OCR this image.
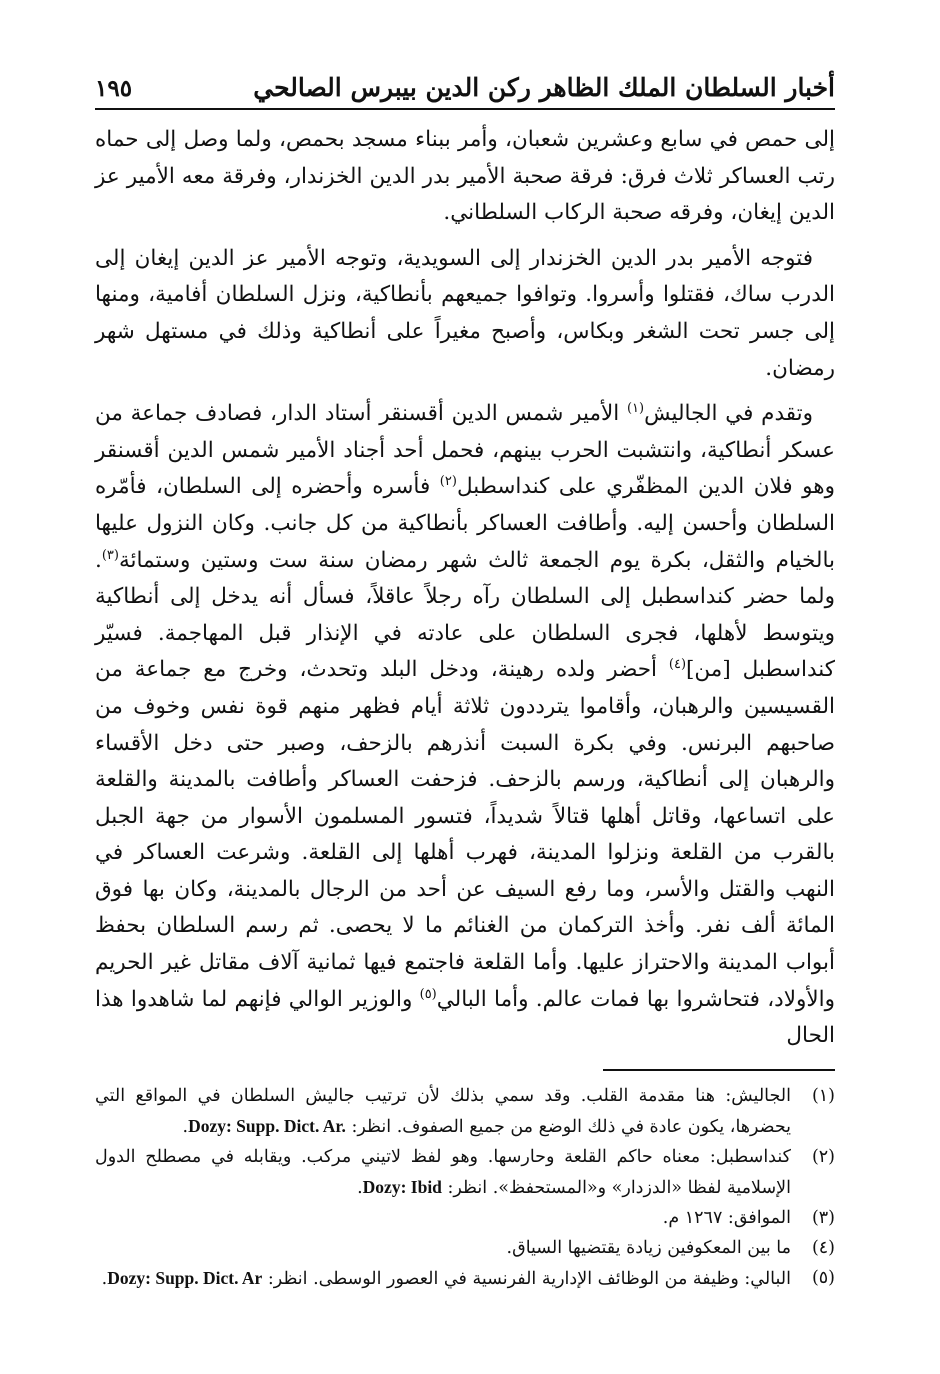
أخبار السلطان الملك الظاهر ركن الدين بيبرس الصالحي
١٩٥

إلى حمص في سابع وعشرين شعبان، وأمر ببناء مسجد بحمص، ولما وصل إلى حماه رتب العساكر ثلاث فرق: فرقة صحبة الأمير بدر الدين الخزندار، وفرقة معه الأمير عز الدين إيغان، وفرقه صحبة الركاب السلطاني.

فتوجه الأمير بدر الدين الخزندار إلى السويدية، وتوجه الأمير عز الدين إيغان إلى الدرب ساك، فقتلوا وأسروا. وتوافوا جميعهم بأنطاكية، ونزل السلطان أفامية، ومنها إلى جسر تحت الشغر وبكاس، وأصبح مغيراً على أنطاكية وذلك في مستهل شهر رمضان.

وتقدم في الجاليش$^{(١)}$ الأمير شمس الدين أقسنقر أستاد الدار، فصادف جماعة من عسكر أنطاكية، وانتشبت الحرب بينهم، فحمل أحد أجناد الأمير شمس الدين أقسنقر وهو فلان الدين المظفّري على كنداسطبل$^{(٢)}$ فأسره وأحضره إلى السلطان، فأمّره السلطان وأحسن إليه. وأطافت العساكر بأنطاكية من كل جانب. وكان النزول عليها بالخيام والثقل، بكرة يوم الجمعة ثالث شهر رمضان سنة ست وستين وستمائة$^{(٣)}$. ولما حضر كنداسطبل إلى السلطان رآه رجلاً عاقلاً، فسأل أنه يدخل إلى أنطاكية ويتوسط لأهلها، فجرى السلطان على عادته في الإنذار قبل المهاجمة. فسيّر كنداسطبل [من]$^{(٤)}$ أحضر ولده رهينة، ودخل البلد وتحدث، وخرج مع جماعة من القسيسين والرهبان، وأقاموا يترددون ثلاثة أيام فظهر منهم قوة نفس وخوف من صاحبهم البرنس. وفي بكرة السبت أنذرهم بالزحف، وصبر حتى دخل الأقساء والرهبان إلى أنطاكية، ورسم بالزحف. فزحفت العساكر وأطافت بالمدينة والقلعة على اتساعها، وقاتل أهلها قتالاً شديداً، فتسور المسلمون الأسوار من جهة الجبل بالقرب من القلعة ونزلوا المدينة، فهرب أهلها إلى القلعة. وشرعت العساكر في النهب والقتل والأسر، وما رفع السيف عن أحد من الرجال بالمدينة، وكان بها فوق المائة ألف نفر. وأخذ التركمان من الغنائم ما لا يحصى. ثم رسم السلطان بحفظ أبواب المدينة والاحتراز عليها. وأما القلعة فاجتمع فيها ثمانية آلاف مقاتل غير الحريم والأولاد، فتحاشروا بها فمات عالم. وأما البالي$^{(٥)}$ والوزير الوالي فإنهم لما شاهدوا هذا الحال

(١)
الجاليش: هنا مقدمة القلب. وقد سمي بذلك لأن ترتيب جاليش السلطان في المواقع التي يحضرها، يكون عادة في ذلك الوضع من جميع الصفوف. انظر: Dozy: Supp. Dict. Ar..
(٢)
كنداسطبل: معناه حاكم القلعة وحارسها. وهو لفظ لاتيني مركب. ويقابله في مصطلح الدول الإسلامية لفظا «الدزدار» و«المستحفظ». انظر: Dozy: Ibid.
(٣)
الموافق: ١٢٦٧ م.
(٤)
ما بين المعكوفين زيادة يقتضيها السياق.
(٥)
البالي: وظيفة من الوظائف الإدارية الفرنسية في العصور الوسطى. انظر: Dozy: Supp. Dict. Ar.
